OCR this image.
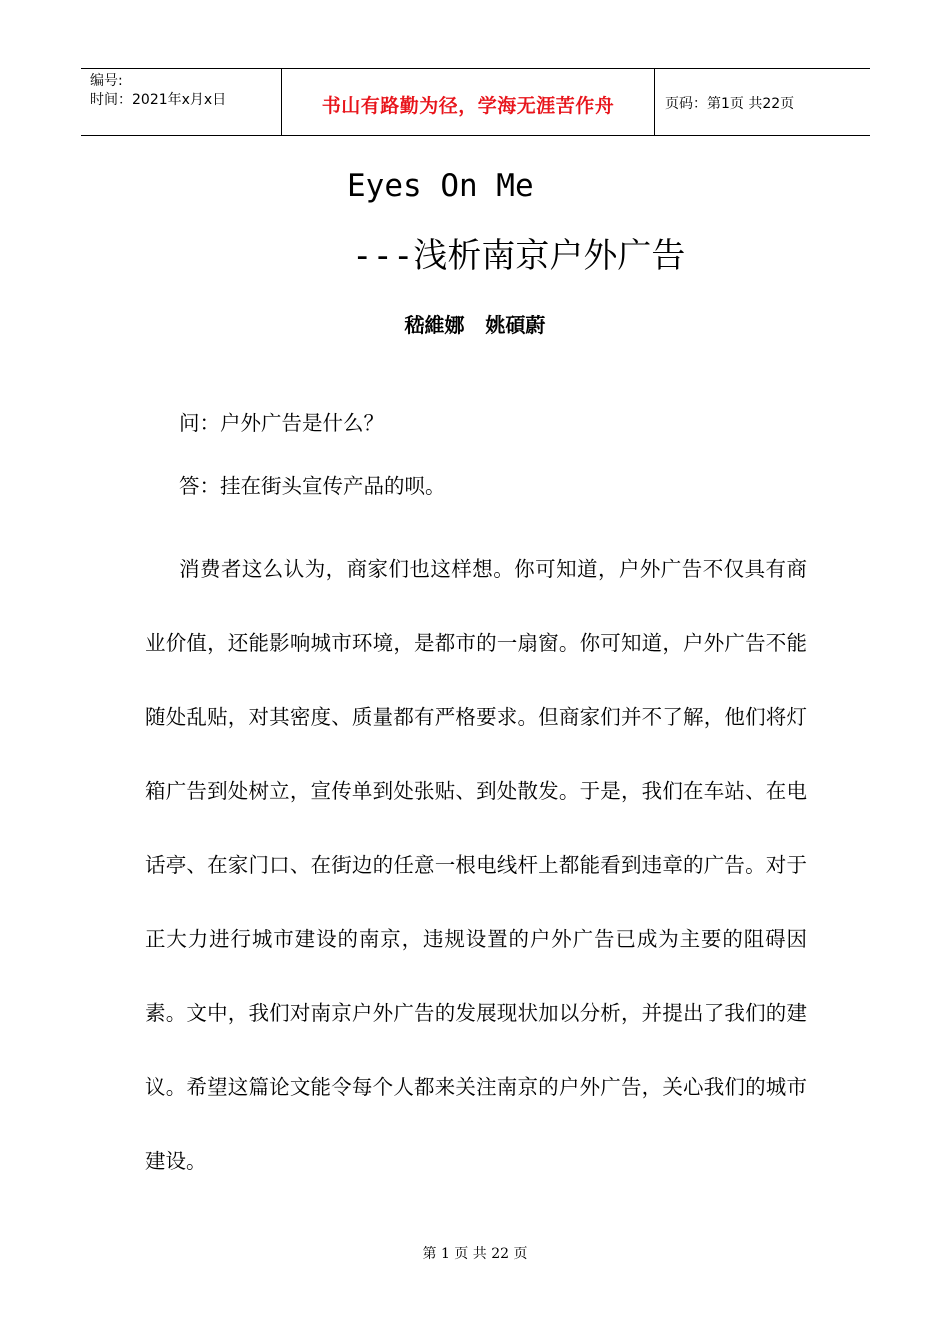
编号:
时间：2021年x月x日	书山有路勤为径，学海无涯苦作舟	页码：第1页 共22页
Eyes On Me
---浅析南京户外广告
嵇維娜   姚碩蔚
问：户外广告是什么？
答：挂在街头宣传产品的呗。

消费者这么认为，商家们也这样想。你可知道，户外广告不仅具有商业价值，还能影响城市环境，是都市的一扇窗。你可知道，户外广告不能随处乱贴，对其密度、质量都有严格要求。但商家们并不了解，他们将灯箱广告到处树立，宣传单到处张贴、到处散发。于是，我们在车站、在电话亭、在家门口、在街边的任意一根电线杆上都能看到违章的广告。对于正大力进行城市建设的南京，违规设置的户外广告已成为主要的阻碍因素。文中，我们对南京户外广告的发展现状加以分析，并提出了我们的建议。希望这篇论文能令每个人都来关注南京的户外广告，关心我们的城市建设。

第 1 页 共 22 页
